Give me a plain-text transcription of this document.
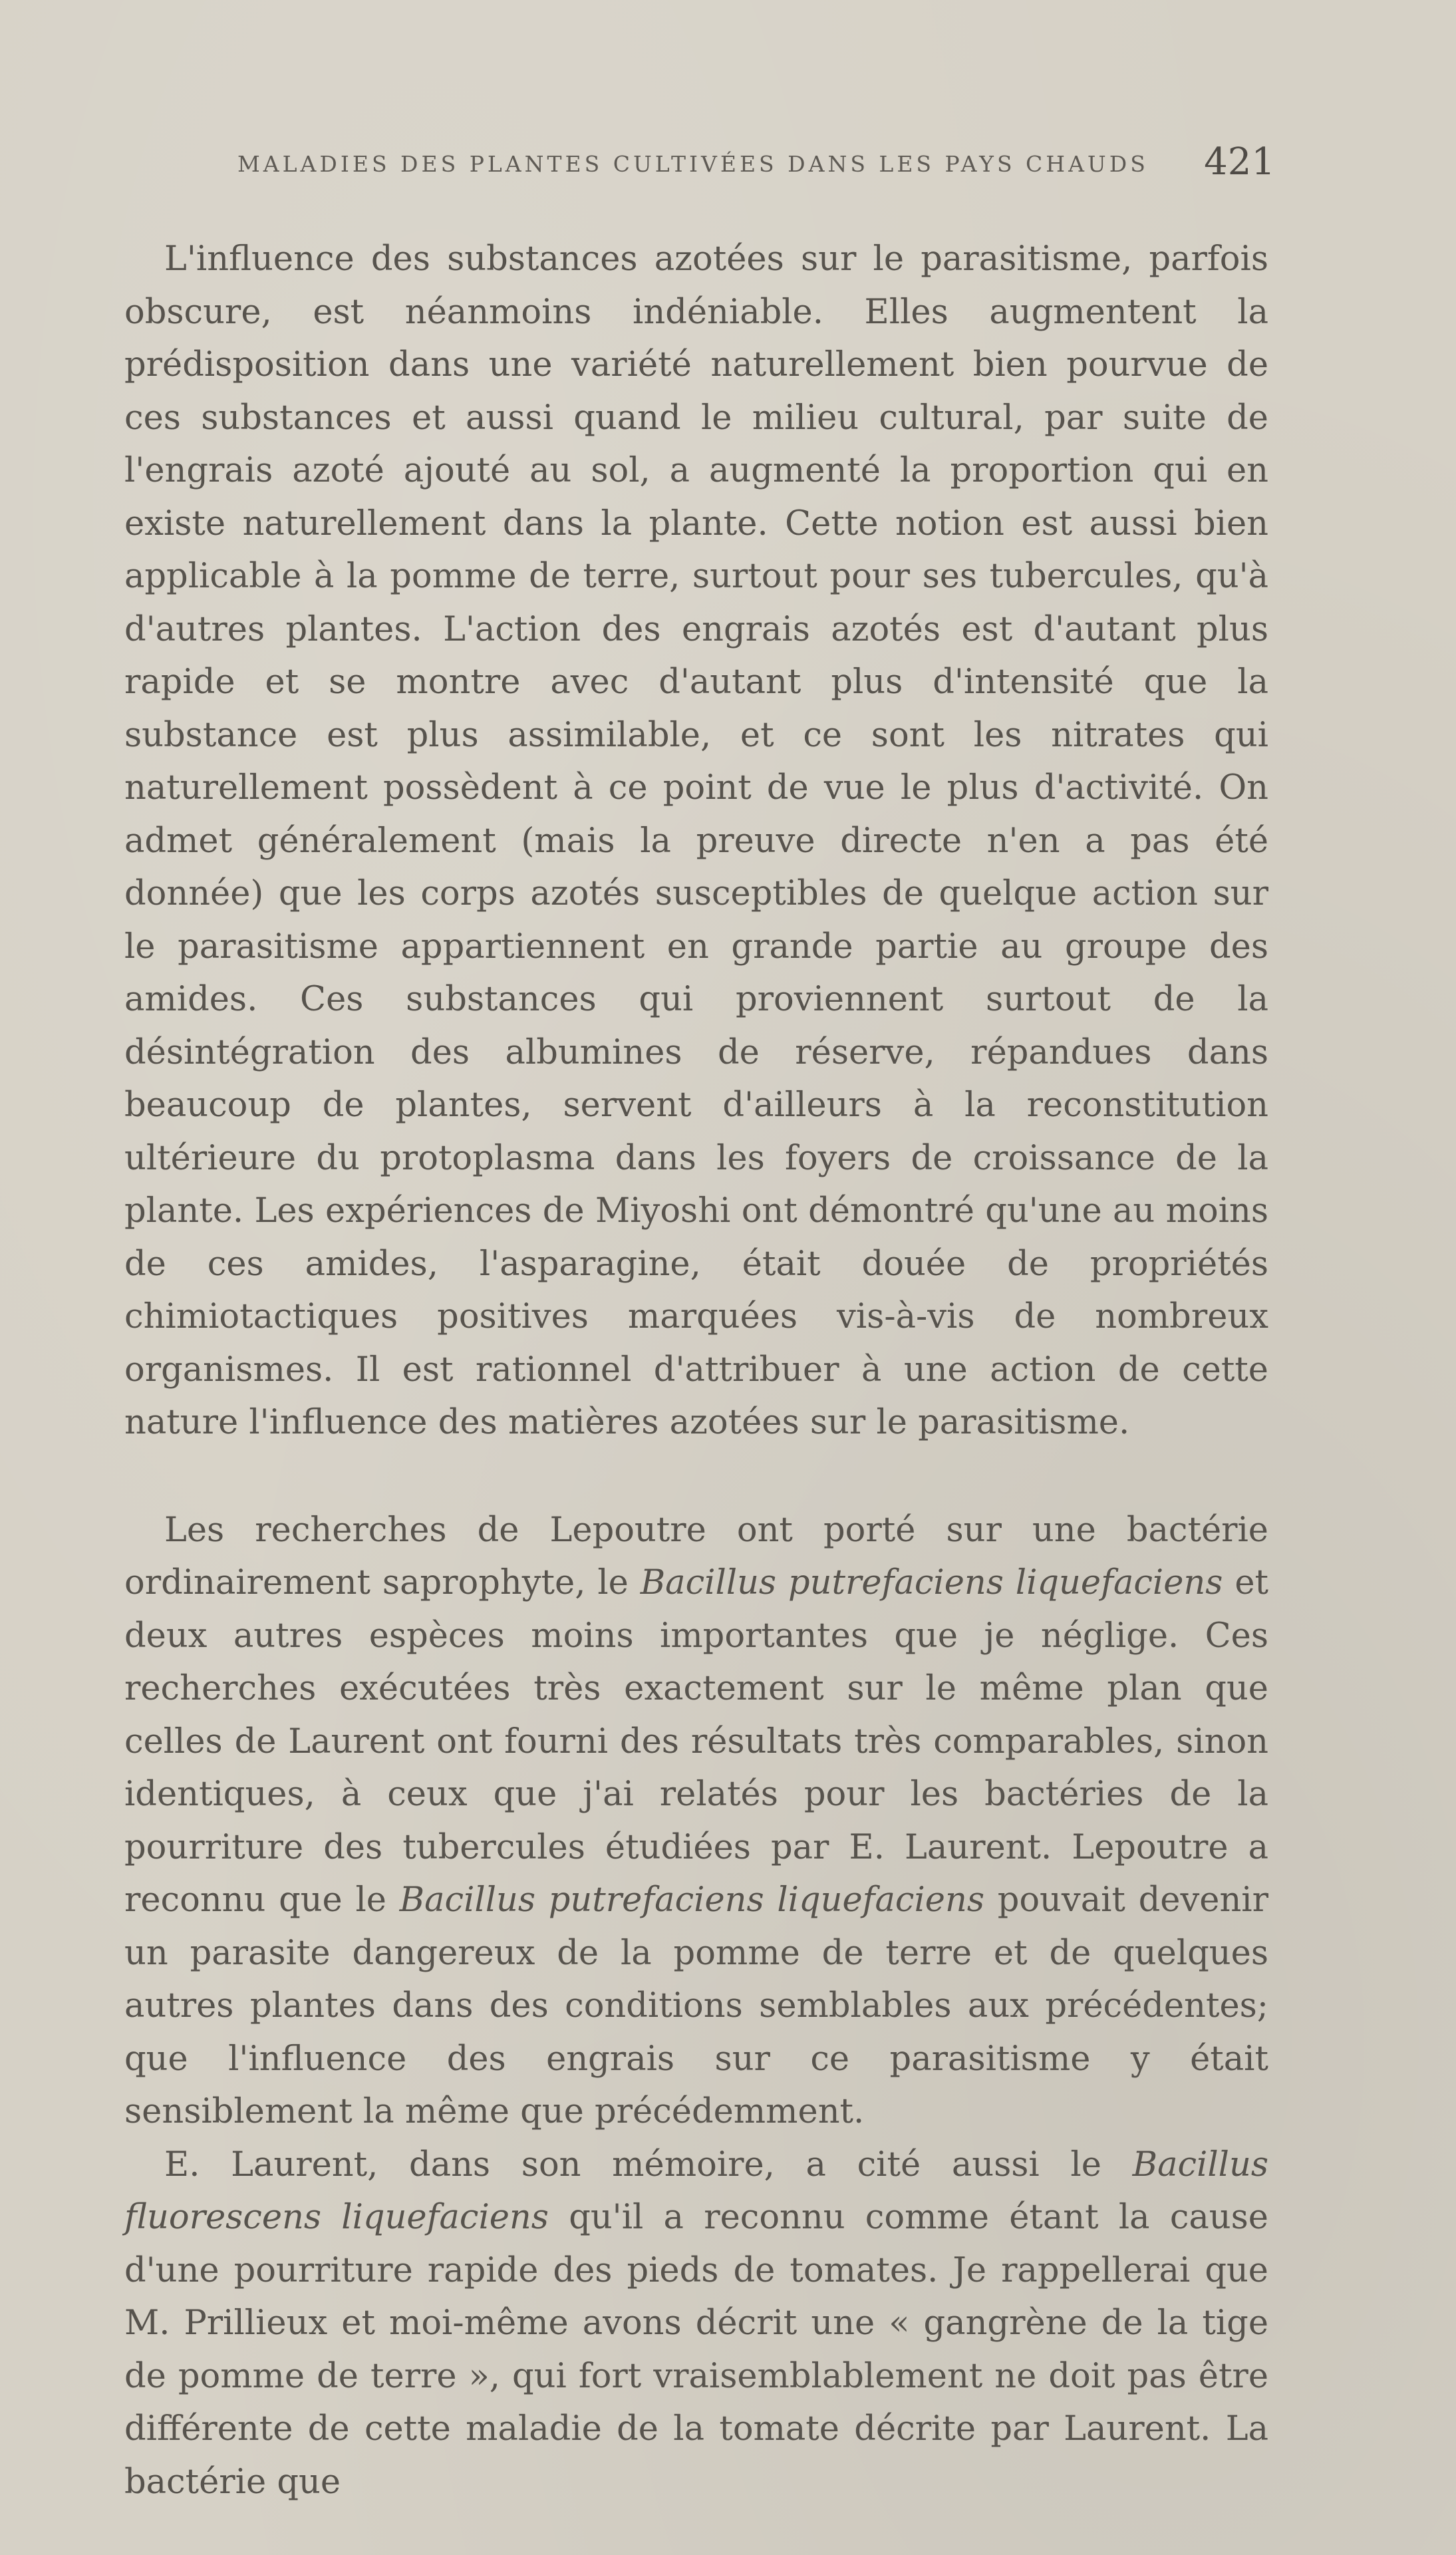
MALADIES DES PLANTES CULTIVÉES DANS LES PAYS CHAUDS 421

L'influence des substances azotées sur le parasitisme, parfois obscure, est néanmoins indéniable. Elles augmentent la prédisposition dans une variété naturellement bien pourvue de ces substances et aussi quand le milieu cultural, par suite de l'engrais azoté ajouté au sol, a augmenté la proportion qui en existe naturellement dans la plante. Cette notion est aussi bien applicable à la pomme de terre, surtout pour ses tubercules, qu'à d'autres plantes. L'action des engrais azotés est d'autant plus rapide et se montre avec d'autant plus d'intensité que la substance est plus assimilable, et ce sont les nitrates qui naturellement possèdent à ce point de vue le plus d'activité. On admet généralement (mais la preuve directe n'en a pas été donnée) que les corps azotés susceptibles de quelque action sur le parasitisme appartiennent en grande partie au groupe des amides. Ces substances qui proviennent surtout de la désintégration des albumines de réserve, répandues dans beaucoup de plantes, servent d'ailleurs à la reconstitution ultérieure du protoplasma dans les foyers de croissance de la plante. Les expériences de Miyoshi ont démontré qu'une au moins de ces amides, l'asparagine, était douée de propriétés chimiotactiques positives marquées vis-à-vis de nombreux organismes. Il est rationnel d'attribuer à une action de cette nature l'influence des matières azotées sur le parasitisme.

Les recherches de Lepoutre ont porté sur une bactérie ordinairement saprophyte, le Bacillus putrefaciens liquefaciens et deux autres espèces moins importantes que je néglige. Ces recherches exécutées très exactement sur le même plan que celles de Laurent ont fourni des résultats très comparables, sinon identiques, à ceux que j'ai relatés pour les bactéries de la pourriture des tubercules étudiées par E. Laurent. Lepoutre a reconnu que le Bacillus putrefaciens liquefaciens pouvait devenir un parasite dangereux de la pomme de terre et de quelques autres plantes dans des conditions semblables aux précédentes; que l'influence des engrais sur ce parasitisme y était sensiblement la même que précédemment.

E. Laurent, dans son mémoire, a cité aussi le Bacillus fluorescens liquefaciens qu'il a reconnu comme étant la cause d'une pourriture rapide des pieds de tomates. Je rappellerai que M. Prillieux et moi-même avons décrit une « gangrène de la tige de pomme de terre », qui fort vraisemblablement ne doit pas être différente de cette maladie de la tomate décrite par Laurent. La bactérie que
